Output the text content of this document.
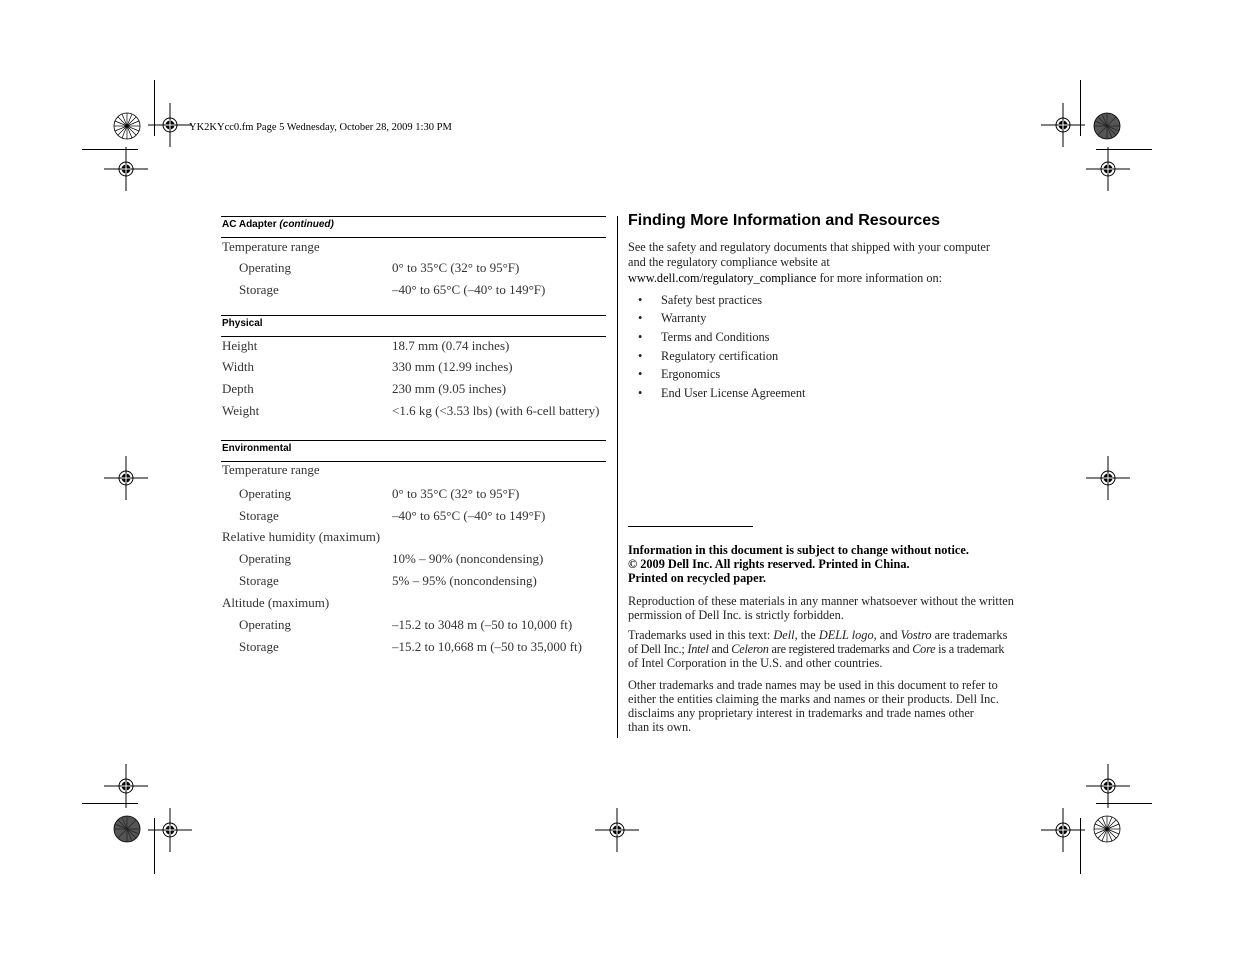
YK2KYcc0.fm Page 5 Wednesday, October 28, 2009 1:30 PM
AC Adapter (continued)
Temperature range
Operating	0° to 35°C (32° to 95°F)
Storage	–40° to 65°C (–40° to 149°F)
Physical
Height	18.7 mm (0.74 inches)
Width	330 mm (12.99 inches)
Depth	230 mm (9.05 inches)
Weight	<1.6 kg (<3.53 lbs) (with 6-cell battery)
Environmental
Temperature range
Operating	0° to 35°C (32° to 95°F)
Storage	–40° to 65°C (–40° to 149°F)
Relative humidity (maximum)
Operating	10% – 90% (noncondensing)
Storage	5% – 95% (noncondensing)
Altitude (maximum)
Operating	–15.2 to 3048 m (–50 to 10,000 ft)
Storage	–15.2 to 10,668 m (–50 to 35,000 ft)
Finding More Information and Resources
See the safety and regulatory documents that shipped with your computer
and the regulatory compliance website at
www.dell.com/regulatory_compliance for more information on:
• Safety best practices
• Warranty
• Terms and Conditions
• Regulatory certification
• Ergonomics
• End User License Agreement
Information in this document is subject to change without notice.
© 2009 Dell Inc. All rights reserved. Printed in China.
Printed on recycled paper.
Reproduction of these materials in any manner whatsoever without the written
permission of Dell Inc. is strictly forbidden.
Trademarks used in this text: Dell, the DELL logo, and Vostro are trademarks
of Dell Inc.; Intel and Celeron are registered trademarks and Core is a trademark
of Intel Corporation in the U.S. and other countries.
Other trademarks and trade names may be used in this document to refer to
either the entities claiming the marks and names or their products. Dell Inc.
disclaims any proprietary interest in trademarks and trade names other
than its own.
